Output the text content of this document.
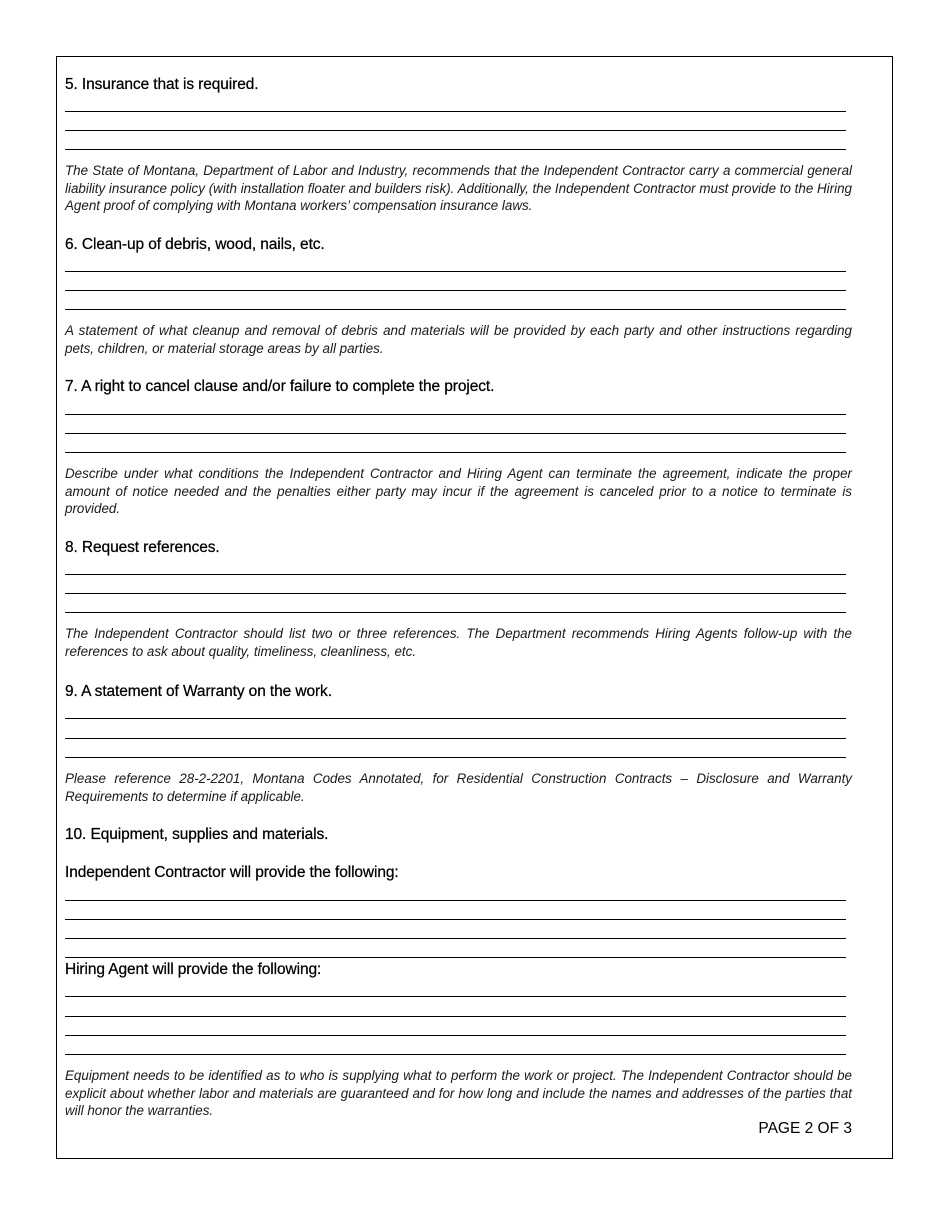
5. Insurance that is required.
The State of Montana, Department of Labor and Industry, recommends that the Independent Contractor carry a commercial general liability insurance policy (with installation floater and builders risk). Additionally, the Independent Contractor must provide to the Hiring Agent proof of complying with Montana workers’ compensation insurance laws.
6. Clean-up of debris, wood, nails, etc.
A statement of what cleanup and removal of debris and materials will be provided by each party and other instructions regarding pets, children, or material storage areas by all parties.
7. A right to cancel clause and/or failure to complete the project.
Describe under what conditions the Independent Contractor and Hiring Agent can terminate the agreement, indicate the proper amount of notice needed and the penalties either party may incur if the agreement is canceled prior to a notice to terminate is provided.
8. Request references.
The Independent Contractor should list two or three references. The Department recommends Hiring Agents follow-up with the references to ask about quality, timeliness, cleanliness, etc.
9. A statement of Warranty on the work.
Please reference 28-2-2201, Montana Codes Annotated, for Residential Construction Contracts – Disclosure and Warranty Requirements to determine if applicable.
10. Equipment, supplies and materials.
Independent Contractor will provide the following:
Hiring Agent will provide the following:
Equipment needs to be identified as to who is supplying what to perform the work or project. The Independent Contractor should be explicit about whether labor and materials are guaranteed and for how long and include the names and addresses of the parties that will honor the warranties.
PAGE 2 OF 3
